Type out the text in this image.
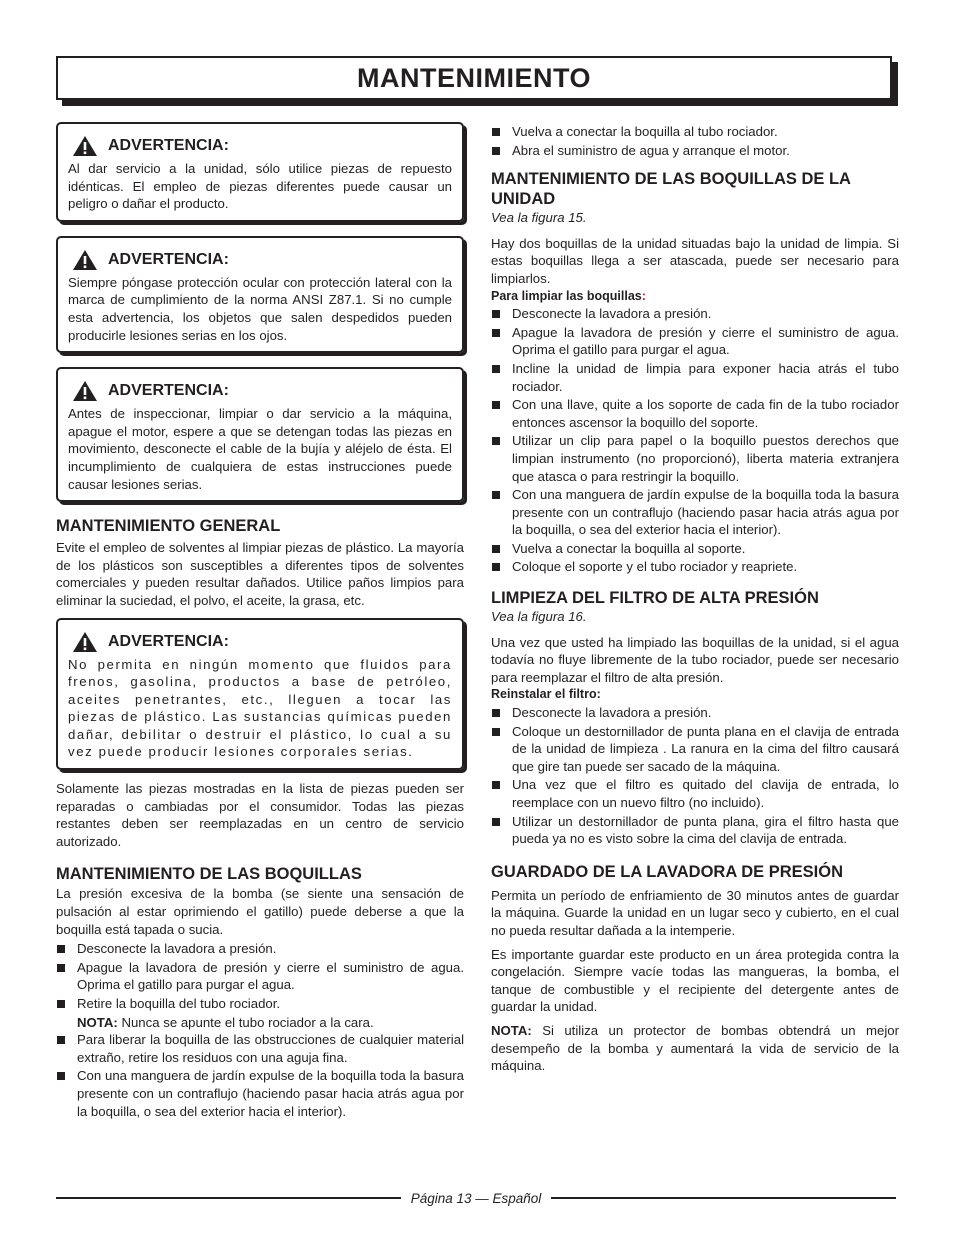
MANTENIMIENTO
ADVERTENCIA:

Al dar servicio a la unidad, sólo utilice piezas de repuesto idénticas. El empleo de piezas diferentes puede causar un peligro o dañar el producto.

ADVERTENCIA:

Siempre póngase protección ocular con protección lateral con la marca de cumplimiento de la norma ANSI Z87.1. Si no cumple esta advertencia, los objetos que salen despedidos pueden producirle lesiones serias en los ojos.

ADVERTENCIA:

Antes de inspeccionar, limpiar o dar servicio a la máquina, apague el motor, espere a que se detengan todas las piezas en movimiento, desconecte el cable de la bujía y aléjelo de ésta. El incumplimiento de cualquiera de estas instrucciones puede causar lesiones serias.

MANTENIMIENTO GENERAL

Evite el empleo de solventes al limpiar piezas de plástico. La mayoría de los plásticos son susceptibles a diferentes tipos de solventes comerciales y pueden resultar dañados. Utilice paños limpios para eliminar la suciedad, el polvo, el aceite, la grasa, etc.

ADVERTENCIA:

No permita en ningún momento que fluidos para frenos, gasolina, productos a base de petróleo, aceites penetrantes, etc., lleguen a tocar las piezas de plástico. Las sustancias químicas pueden dañar, debilitar o destruir el plástico, lo cual a su vez puede producir lesiones corporales serias.

Solamente las piezas mostradas en la lista de piezas pueden ser reparadas o cambiadas por el consumidor. Todas las piezas restantes deben ser reemplazadas en un centro de servicio autorizado.

MANTENIMIENTO DE LAS BOQUILLAS

La presión excesiva de la bomba (se siente una sensación de pulsación al estar oprimiendo el gatillo) puede deberse a que la boquilla está tapada o sucia.

Desconecte la lavadora a presión.
Apague la lavadora de presión y cierre el suministro de agua. Oprima el gatillo para purgar el agua.
Retire la boquilla del tubo rociador.

NOTA: Nunca se apunte el tubo rociador a la cara.

Para liberar la boquilla de las obstrucciones de cualquier material extraño, retire los residuos con una aguja fina.
Con una manguera de jardín expulse de la boquilla toda la basura presente con un contraflujo (haciendo pasar hacia atrás agua por la boquilla, o sea del exterior hacia el interior).
Vuelva a conectar la boquilla al tubo rociador.
Abra el suministro de agua y arranque el motor.
MANTENIMIENTO DE LAS BOQUILLAS DE LA UNIDAD

Vea la figura 15.

Hay dos boquillas de la unidad situadas bajo la unidad de limpia. Si estas boquillas llega a ser atascada, puede ser necesario para limpiarlos.

Para limpiar las boquillas:

Desconecte la lavadora a presión.
Apague la lavadora de presión y cierre el suministro de agua. Oprima el gatillo para purgar el agua.
Incline la unidad de limpia para exponer hacia atrás el tubo rociador.
Con una llave, quite a los soporte de cada fin de la tubo rociador entonces ascensor la boquillo del soporte.
Utilizar un clip para papel o la boquillo puestos derechos que limpian instrumento (no proporcionó), liberta materia extranjera que atasca o para restringir la boquillo.
Con una manguera de jardín expulse de la boquilla toda la basura presente con un contraflujo (haciendo pasar hacia atrás agua por la boquilla, o sea del exterior hacia el interior).
Vuelva a conectar la boquilla al soporte.
Coloque el soporte y el tubo rociador y reapriete.
LIMPIEZA DEL FILTRO DE ALTA PRESIÓN

Vea la figura 16.

Una vez que usted ha limpiado las boquillas de la unidad, si el agua todavía no fluye libremente de la tubo rociador, puede ser necesario para reemplazar el filtro de alta presión.

Reinstalar el filtro:

Desconecte la lavadora a presión.
Coloque un destornillador de punta plana en el clavija de entrada de la unidad de limpieza . La ranura en la cima del filtro causará que gire tan puede ser sacado de la máquina.
Una vez que el filtro es quitado del clavija de entrada, lo reemplace con un nuevo filtro (no incluido).
Utilizar un destornillador de punta plana, gira el filtro hasta que pueda ya no es visto sobre la cima del clavija de entrada.
GUARDADO DE LA LAVADORA DE PRESIÓN

Permita un período de enfriamiento de 30 minutos antes de guardar la máquina. Guarde la unidad en un lugar seco y cubierto, en el cual no pueda resultar dañada a la intemperie.

Es importante guardar este producto en un área protegida contra la congelación. Siempre vacíe todas las mangueras, la bomba, el tanque de combustible y el recipiente del detergente antes de guardar la unidad.

NOTA: Si utiliza un protector de bombas obtendrá un mejor desempeño de la bomba y aumentará la vida de servicio de la máquina.

Página 13 — Español
